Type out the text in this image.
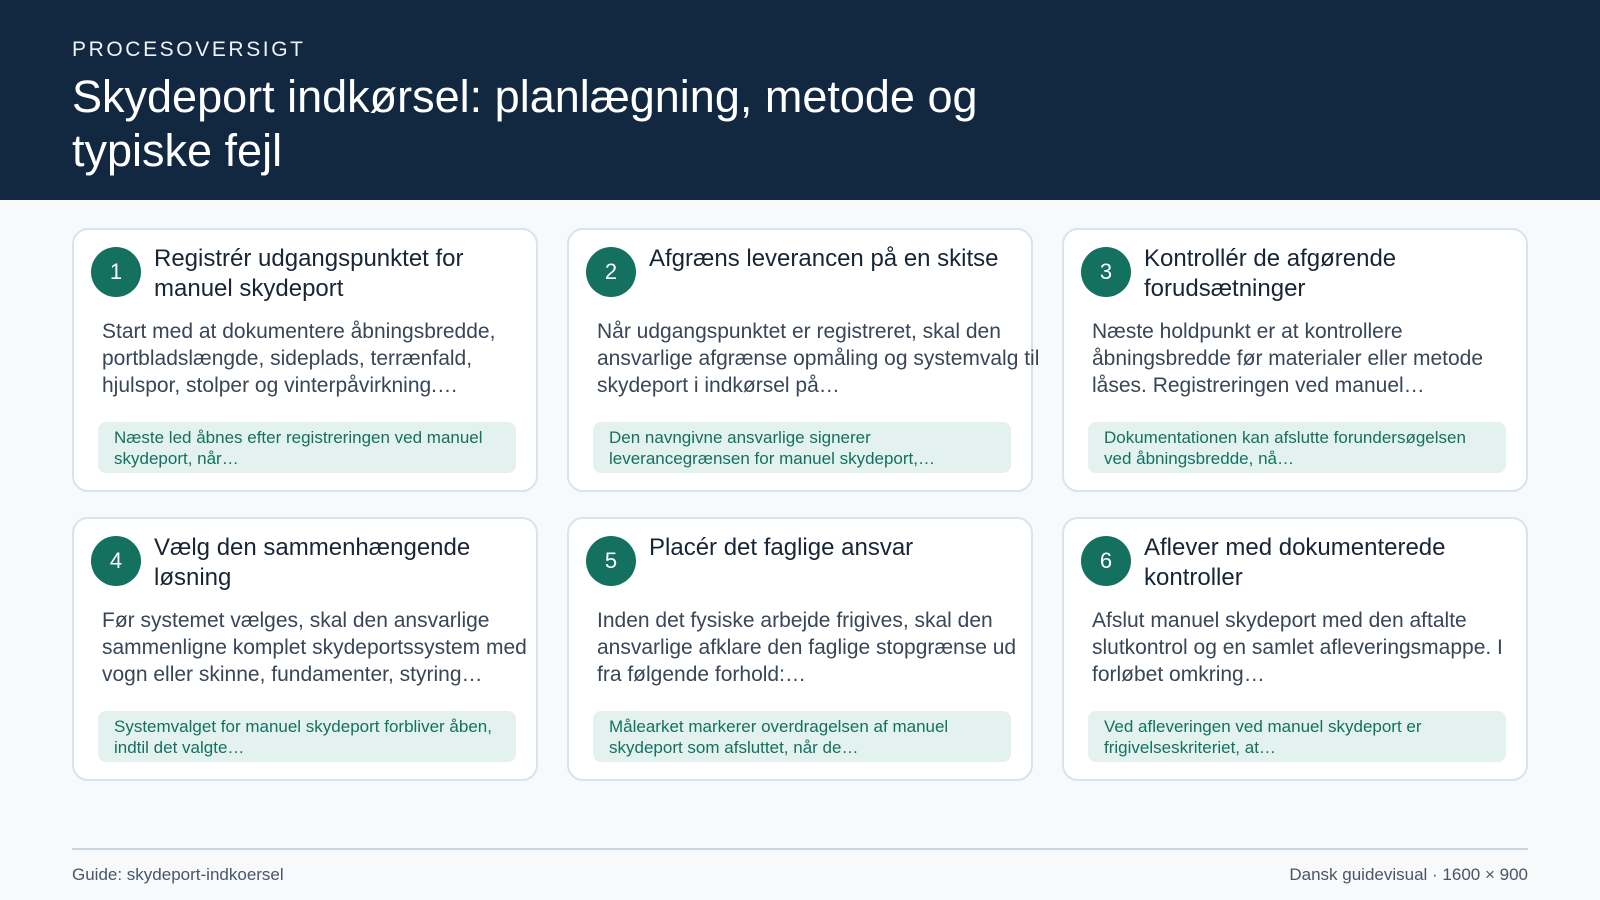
PROCESOVERSIGT
Skydeport indkørsel: planlægning, metode og typiske fejl
1	Registrér udgangspunktet for manuel skydeport
Start med at dokumentere åbningsbredde, portbladslængde, sideplads, terrænfald, hjulspor, stolper og vinterpåvirkning.…
Næste led åbnes efter registreringen ved manuel skydeport, når…
2	Afgræns leverancen på en skitse
Når udgangspunktet er registreret, skal den ansvarlige afgrænse opmåling og systemvalg til skydeport i indkørsel på…
Den navngivne ansvarlige signerer leverancegrænsen for manuel skydeport,…
3	Kontrollér de afgørende forudsætninger
Næste holdpunkt er at kontrollere åbningsbredde før materialer eller metode låses. Registreringen ved manuel…
Dokumentationen kan afslutte forundersøgelsen ved åbningsbredde, nå…
4	Vælg den sammenhængende løsning
Før systemet vælges, skal den ansvarlige sammenligne komplet skydeportssystem med vogn eller skinne, fundamenter, styring…
Systemvalget for manuel skydeport forbliver åben, indtil det valgte…
5	Placér det faglige ansvar
Inden det fysiske arbejde frigives, skal den ansvarlige afklare den faglige stopgrænse ud fra følgende forhold:…
Målearket markerer overdragelsen af manuel skydeport som afsluttet, når de…
6	Aflever med dokumenterede kontroller
Afslut manuel skydeport med den aftalte slutkontrol og en samlet afleveringsmappe. I forløbet omkring…
Ved afleveringen ved manuel skydeport er frigivelseskriteriet, at…
Guide: skydeport-indkoersel	Dansk guidevisual · 1600 × 900
